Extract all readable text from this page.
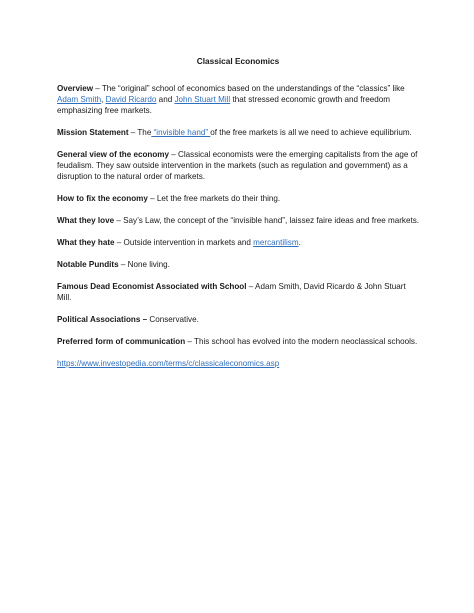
Classical Economics
Overview – The “original” school of economics based on the understandings of the “classics” like Adam Smith, David Ricardo and John Stuart Mill that stressed economic growth and freedom emphasizing free markets.
Mission Statement – The “invisible hand” of the free markets is all we need to achieve equilibrium.
General view of the economy – Classical economists were the emerging capitalists from the age of feudalism. They saw outside intervention in the markets (such as regulation and government) as a disruption to the natural order of markets.
How to fix the economy – Let the free markets do their thing.
What they love – Say’s Law, the concept of the “invisible hand”, laissez faire ideas and free markets.
What they hate – Outside intervention in markets and mercantilism.
Notable Pundits – None living.
Famous Dead Economist Associated with School – Adam Smith, David Ricardo & John Stuart Mill.
Political Associations – Conservative.
Preferred form of communication – This school has evolved into the modern neoclassical schools.
https://www.investopedia.com/terms/c/classicaleconomics.asp
